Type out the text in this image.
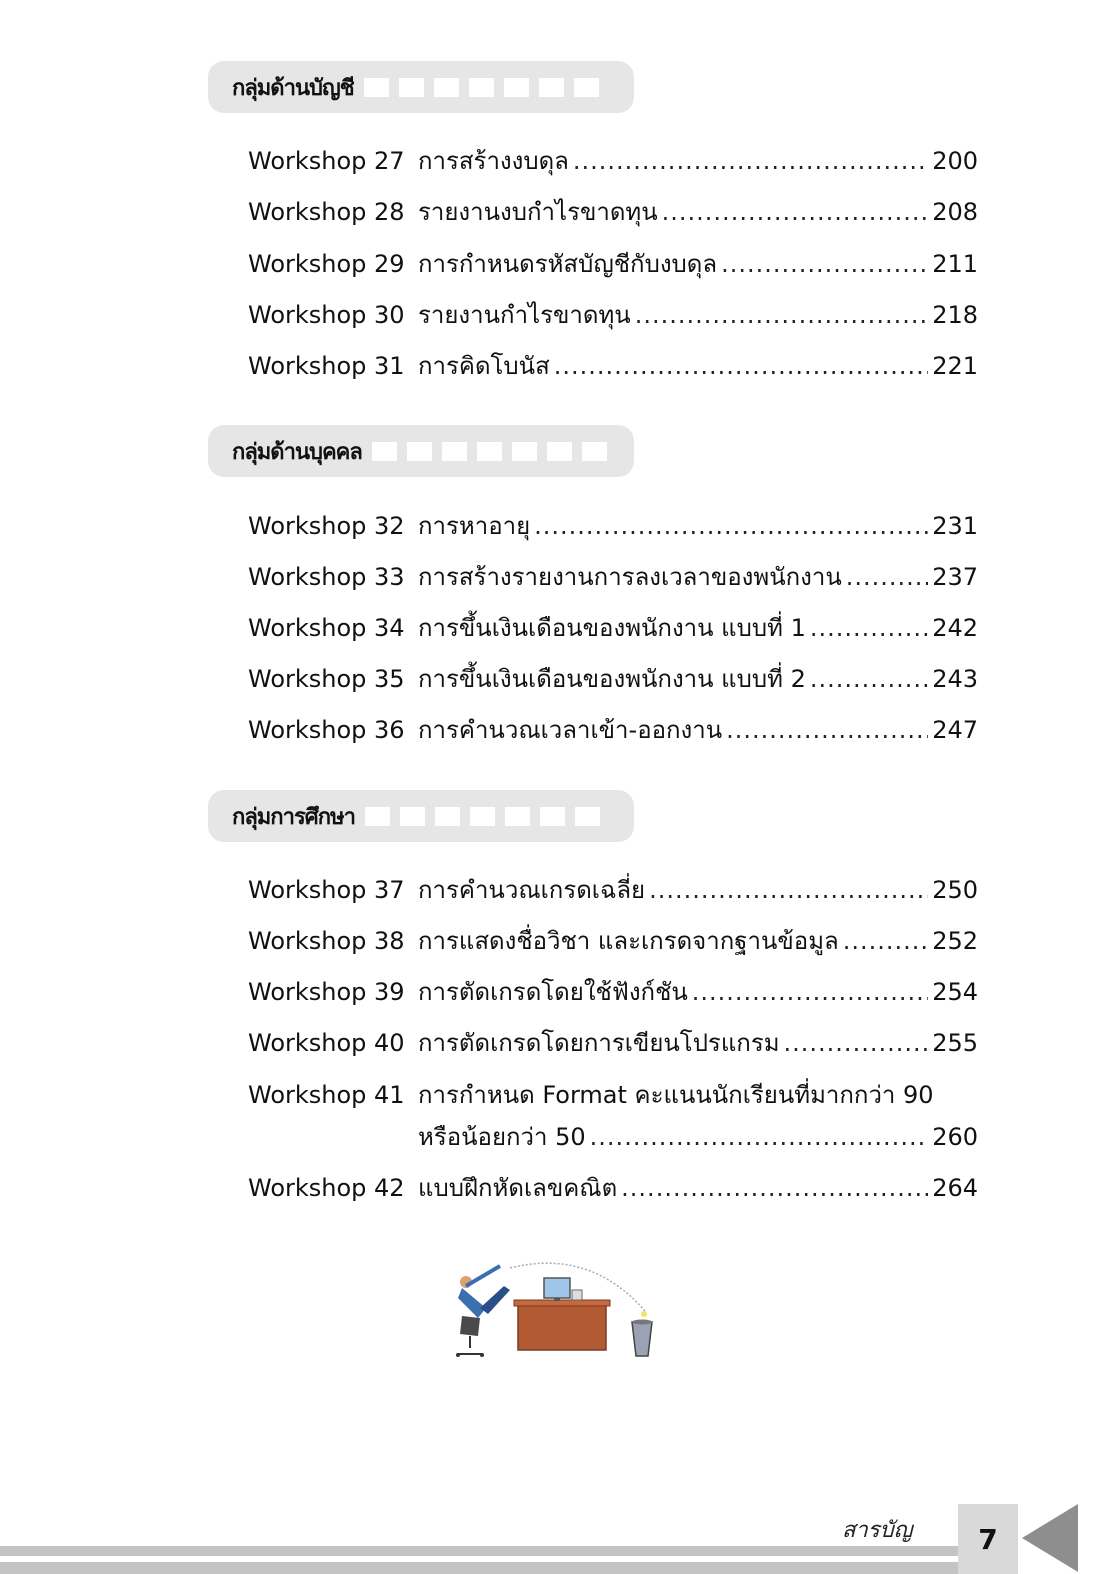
กลุ่มด้านบัญชี
Workshop 27 การสร้างงบดุล .....	200
Workshop 28 รายงานงบกำไรขาดทุน .....	208
Workshop 29 การกำหนดรหัสบัญชีกับงบดุล .....	211
Workshop 30 รายงานกำไรขาดทุน .....	218
Workshop 31 การคิดโบนัส .....	221
กลุ่มด้านบุคคล
Workshop 32 การหาอายุ .....	231
Workshop 33 การสร้างรายงานการลงเวลาของพนักงาน .....	237
Workshop 34 การขึ้นเงินเดือนของพนักงาน แบบที่ 1 .....	242
Workshop 35 การขึ้นเงินเดือนของพนักงาน แบบที่ 2 .....	243
Workshop 36 การคำนวณเวลาเข้า-ออกงาน .....	247
กลุ่มการศึกษา
Workshop 37 การคำนวณเกรดเฉลี่ย .....	250
Workshop 38 การแสดงชื่อวิชา และเกรดจากฐานข้อมูล .....	252
Workshop 39 การตัดเกรดโดยใช้ฟังก์ชัน .....	254
Workshop 40 การตัดเกรดโดยการเขียนโปรแกรม .....	255
Workshop 41 การกำหนด Format คะแนนนักเรียนที่มากกว่า 90
หรือน้อยกว่า 50 .....	260
Workshop 42 แบบฝึกหัดเลขคณิต .....	264
สารบัญ 7
